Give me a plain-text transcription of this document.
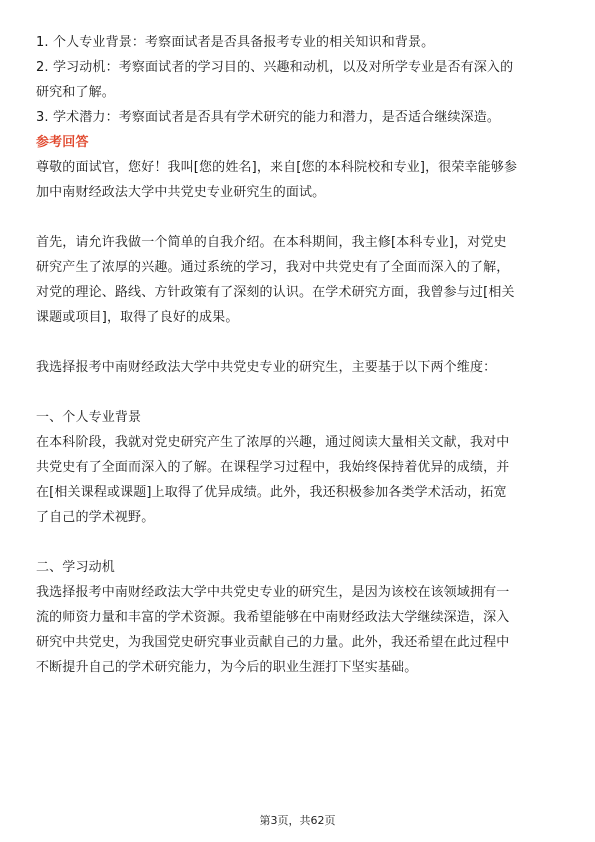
1. 个人专业背景：考察面试者是否具备报考专业的相关知识和背景。
2. 学习动机：考察面试者的学习目的、兴趣和动机，以及对所学专业是否有深入的
研究和了解。
3. 学术潜力：考察面试者是否具有学术研究的能力和潜力，是否适合继续深造。
参考回答
尊敬的面试官，您好！我叫[您的姓名]，来自[您的本科院校和专业]，很荣幸能够参
加中南财经政法大学中共党史专业研究生的面试。
首先，请允许我做一个简单的自我介绍。在本科期间，我主修[本科专业]，对党史
研究产生了浓厚的兴趣。通过系统的学习，我对中共党史有了全面而深入的了解，
对党的理论、路线、方针政策有了深刻的认识。在学术研究方面，我曾参与过[相关
课题或项目]，取得了良好的成果。
我选择报考中南财经政法大学中共党史专业的研究生，主要基于以下两个维度：
一、个人专业背景
在本科阶段，我就对党史研究产生了浓厚的兴趣，通过阅读大量相关文献，我对中
共党史有了全面而深入的了解。在课程学习过程中，我始终保持着优异的成绩，并
在[相关课程或课题]上取得了优异成绩。此外，我还积极参加各类学术活动，拓宽
了自己的学术视野。
二、学习动机
我选择报考中南财经政法大学中共党史专业的研究生，是因为该校在该领域拥有一
流的师资力量和丰富的学术资源。我希望能够在中南财经政法大学继续深造，深入
研究中共党史，为我国党史研究事业贡献自己的力量。此外，我还希望在此过程中
不断提升自己的学术研究能力，为今后的职业生涯打下坚实基础。
第3页，共62页
